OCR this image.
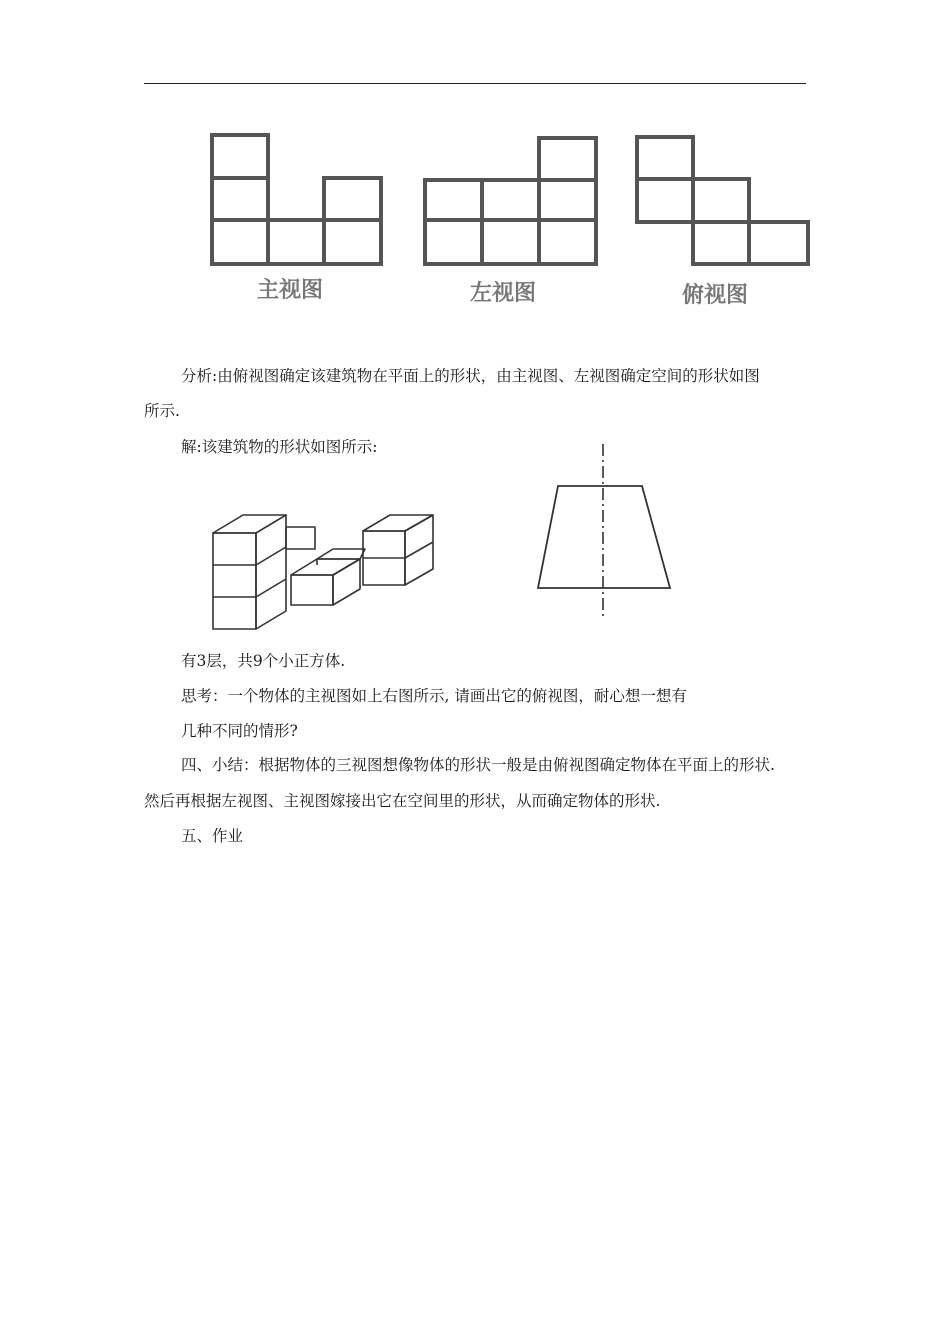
主视图	左视图	俯视图
分析:由俯视图确定该建筑物在平面上的形状，由主视图、左视图确定空间的形状如图
所示.
解:该建筑物的形状如图所示:
有3层，共9个小正方体.
思考：一个物体的主视图如上右图所示, 请画出它的俯视图，耐心想一想有
几种不同的情形?
四、小结：根据物体的三视图想像物体的形状一般是由俯视图确定物体在平面上的形状.
然后再根据左视图、主视图嫁接出它在空间里的形状，从而确定物体的形状.
五、作业
